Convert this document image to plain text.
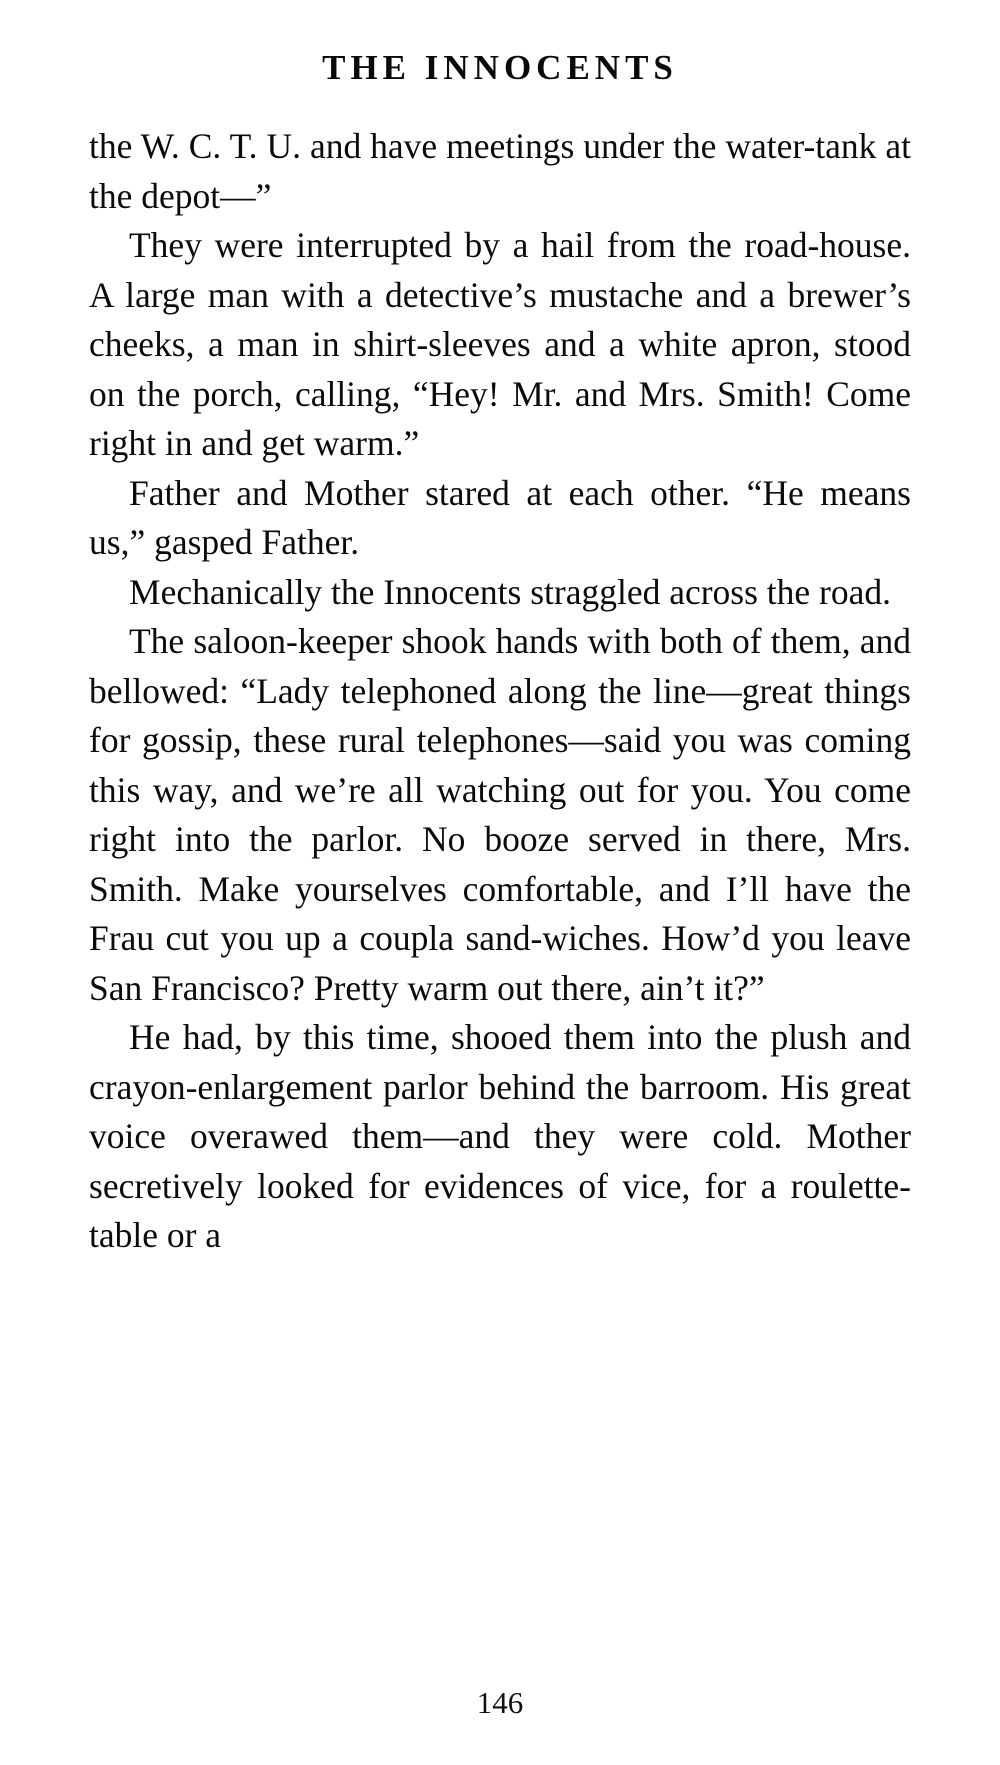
THE INNOCENTS

the W. C. T. U. and have meetings under the water-tank at the depot—”

They were interrupted by a hail from the road-house. A large man with a detective’s mustache and a brewer’s cheeks, a man in shirt-sleeves and a white apron, stood on the porch, calling, “Hey! Mr. and Mrs. Smith! Come right in and get warm.”

Father and Mother stared at each other. “He means us,” gasped Father.

Mechanically the Innocents straggled across the road.

The saloon-keeper shook hands with both of them, and bellowed: “Lady telephoned along the line—great things for gossip, these rural telephones—said you was coming this way, and we’re all watching out for you. You come right into the parlor. No booze served in there, Mrs. Smith. Make yourselves comfortable, and I’ll have the Frau cut you up a coupla sand-wiches. How’d you leave San Francisco? Pretty warm out there, ain’t it?”

He had, by this time, shooed them into the plush and crayon-enlargement parlor behind the barroom. His great voice overawed them—and they were cold. Mother secretively looked for evidences of vice, for a roulette-table or a

146
